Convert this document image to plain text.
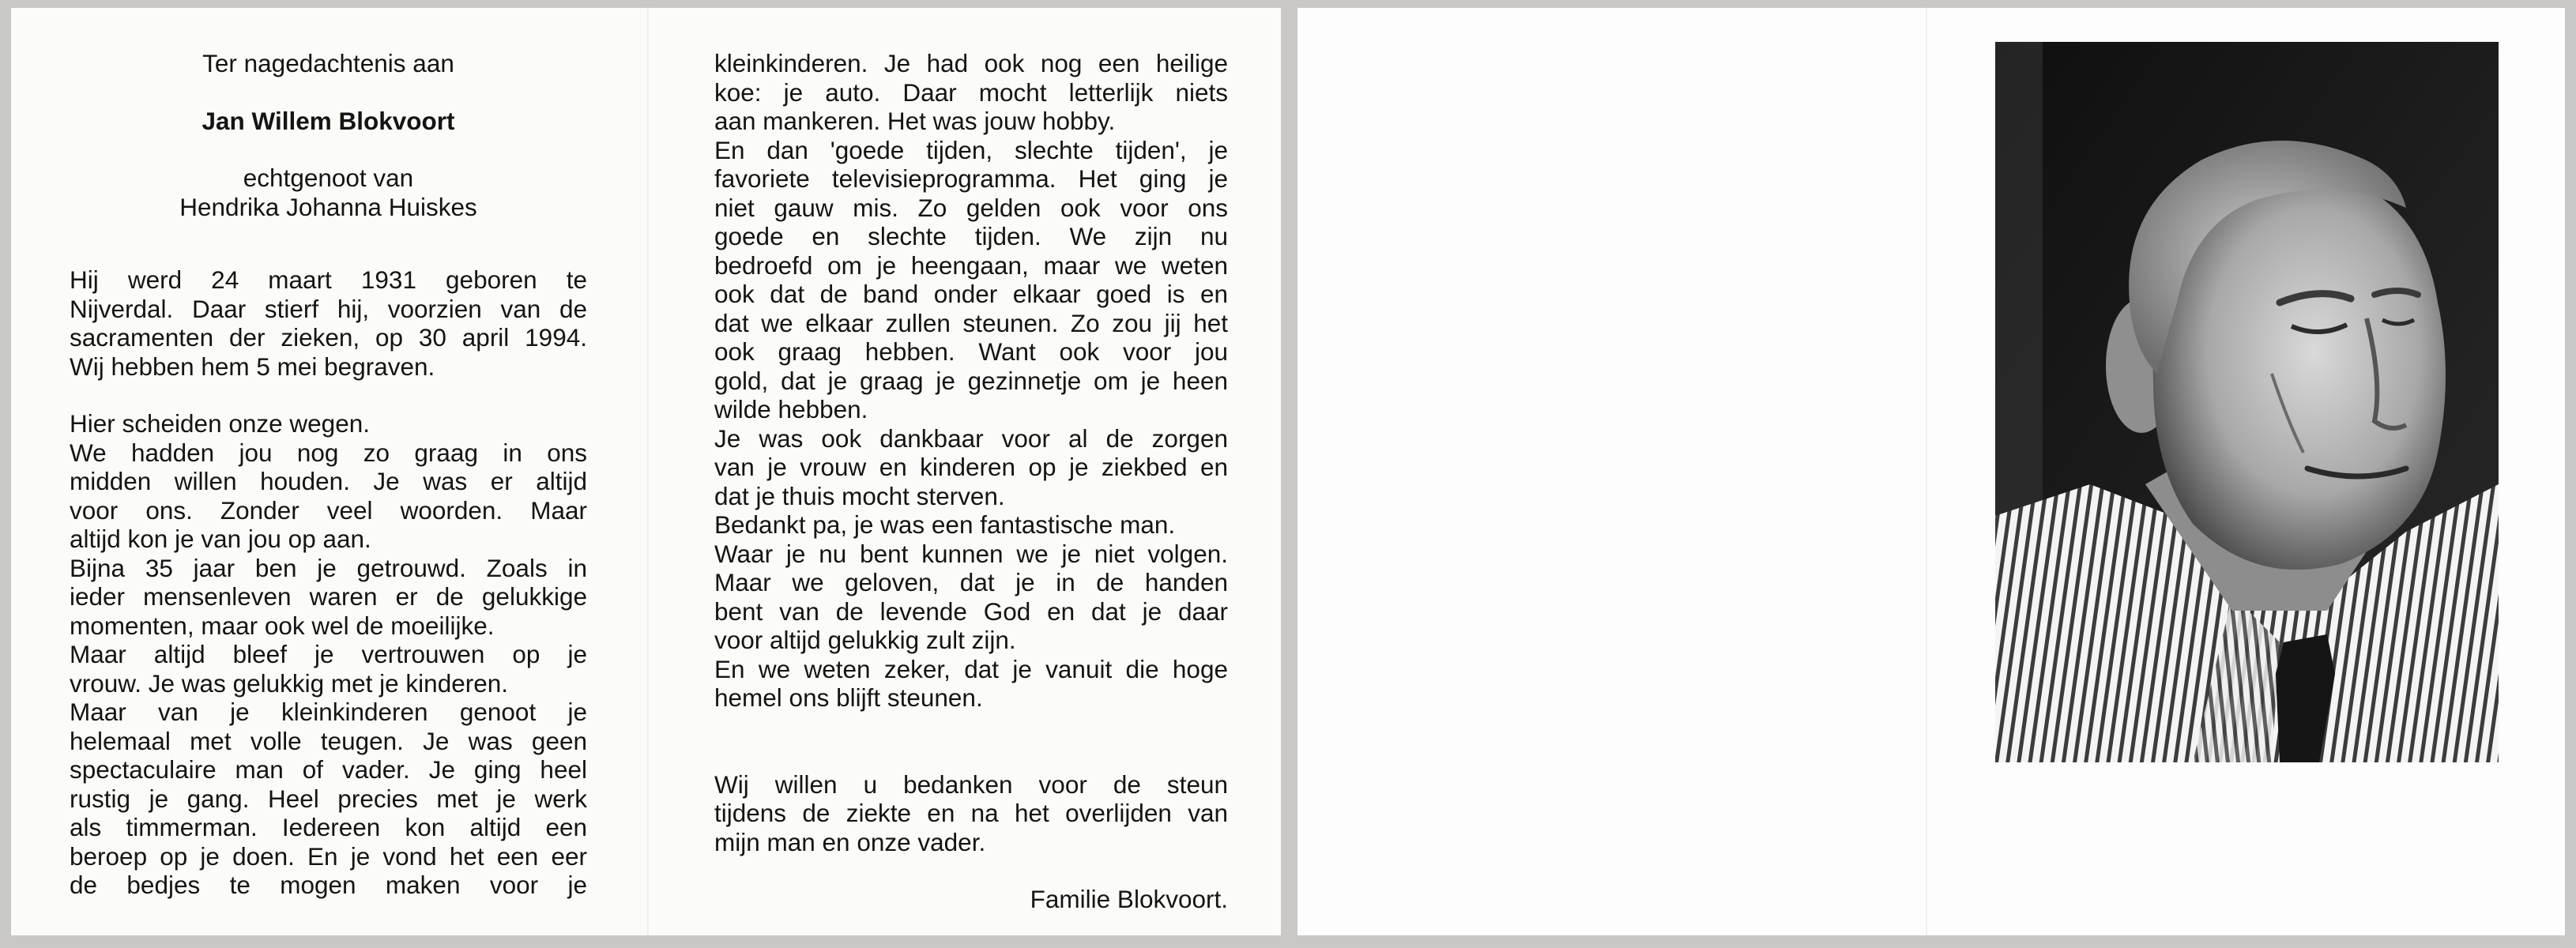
Ter nagedachtenis aan

Jan Willem Blokvoort

echtgenoot van

Hendrika Johanna Huiskes

Hij werd 24 maart 1931 geboren te

Nijverdal. Daar stierf hij, voorzien van de

sacramenten der zieken, op 30 april 1994.

Wij hebben hem 5 mei begraven.

Hier scheiden onze wegen.

We hadden jou nog zo graag in ons

midden willen houden. Je was er altijd

voor ons. Zonder veel woorden. Maar

altijd kon je van jou op aan.

Bijna 35 jaar ben je getrouwd. Zoals in

ieder mensenleven waren er de gelukkige

momenten, maar ook wel de moeilijke.

Maar altijd bleef je vertrouwen op je

vrouw. Je was gelukkig met je kinderen.

Maar van je kleinkinderen genoot je

helemaal met volle teugen. Je was geen

spectaculaire man of vader. Je ging heel

rustig je gang. Heel precies met je werk

als timmerman. Iedereen kon altijd een

beroep op je doen. En je vond het een eer

de bedjes te mogen maken voor je

kleinkinderen. Je had ook nog een heilige

koe: je auto. Daar mocht letterlijk niets

aan mankeren. Het was jouw hobby.

En dan 'goede tijden, slechte tijden', je

favoriete televisieprogramma. Het ging je

niet gauw mis. Zo gelden ook voor ons

goede en slechte tijden. We zijn nu

bedroefd om je heengaan, maar we weten

ook dat de band onder elkaar goed is en

dat we elkaar zullen steunen. Zo zou jij het

ook graag hebben. Want ook voor jou

gold, dat je graag je gezinnetje om je heen

wilde hebben.

Je was ook dankbaar voor al de zorgen

van je vrouw en kinderen op je ziekbed en

dat je thuis mocht sterven.

Bedankt pa, je was een fantastische man.

Waar je nu bent kunnen we je niet volgen.

Maar we geloven, dat je in de handen

bent van de levende God en dat je daar

voor altijd gelukkig zult zijn.

En we weten zeker, dat je vanuit die hoge

hemel ons blijft steunen.

Wij willen u bedanken voor de steun

tijdens de ziekte en na het overlijden van

mijn man en onze vader.

Familie Blokvoort.
